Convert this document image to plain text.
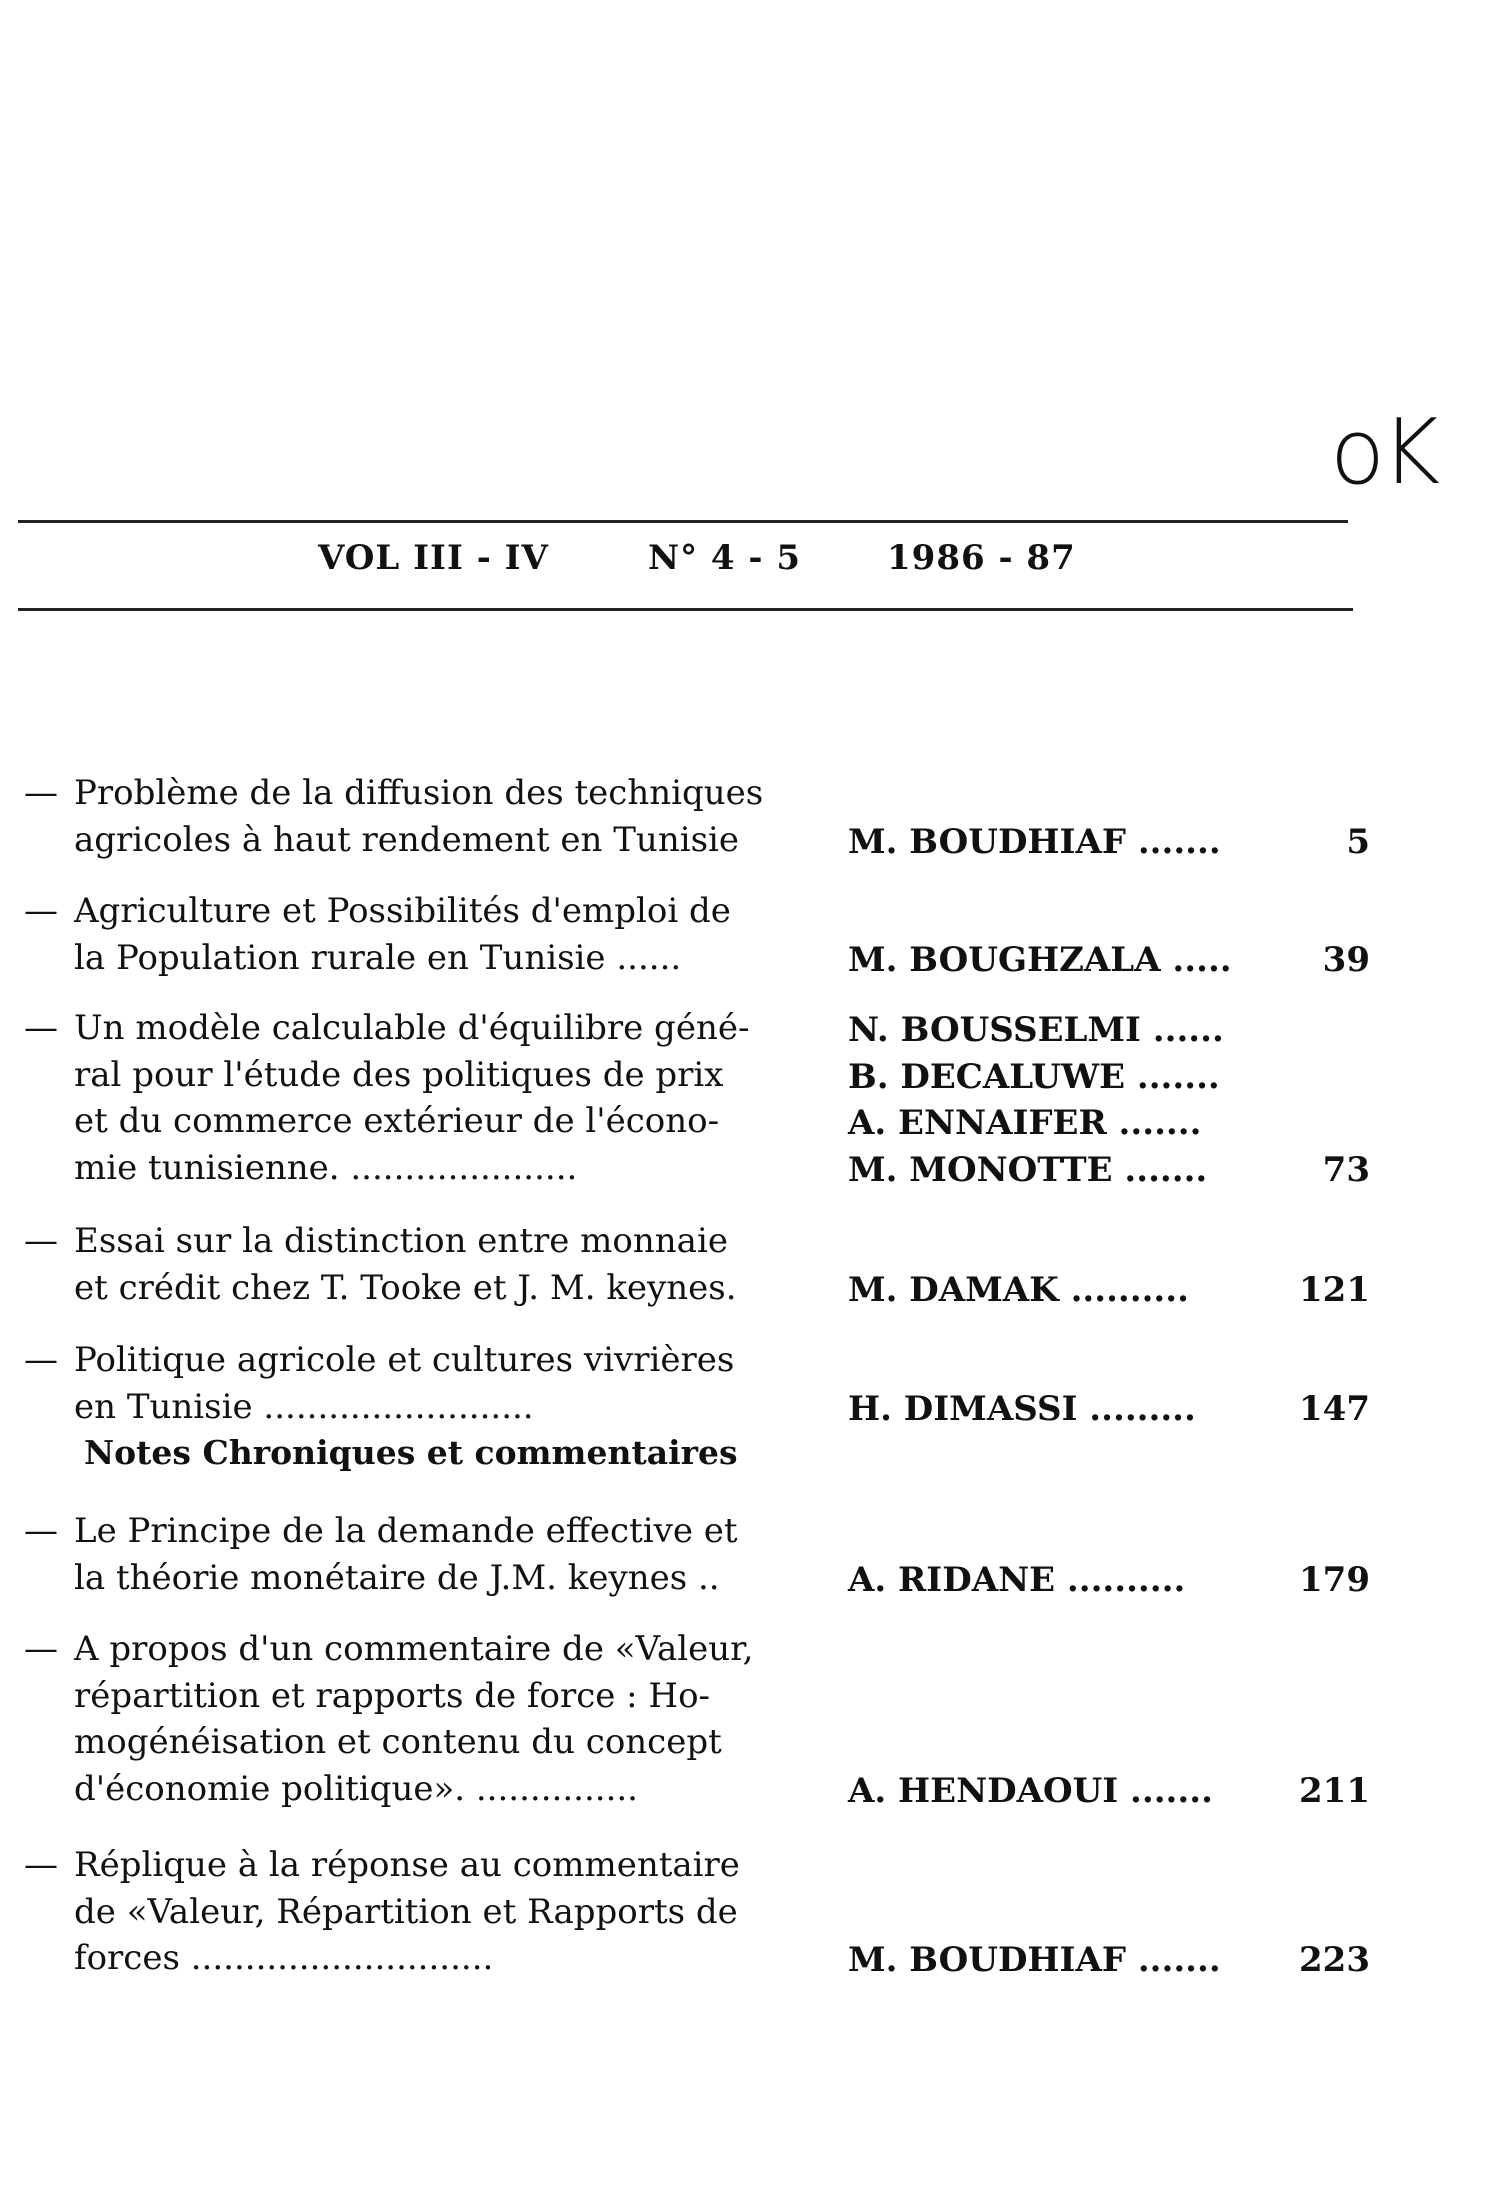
oK
VOL III - IV	N° 4 - 5	1986 - 87
— Problème de la diffusion des techniques
agricoles à haut rendement en Tunisie	M. BOUDHIAF .......	5
— Agriculture et Possibilités d'emploi de
la Population rurale en Tunisie ......	M. BOUGHZALA .....	39
— Un modèle calculable d'équilibre géné-
ral pour l'étude des politiques de prix
et du commerce extérieur de l'écono-
mie tunisienne. .....................
N. BOUSSELMI ......
B. DECALUWE .......
A. ENNAIFER .......
M. MONOTTE .......	73
— Essai sur la distinction entre monnaie
et crédit chez T. Tooke et J. M. keynes.	M. DAMAK ..........	121
— Politique agricole et cultures vivrières
en Tunisie .........................	H. DIMASSI .........	147
Notes Chroniques et commentaires
— Le Principe de la demande effective et
la théorie monétaire de J.M. keynes ..	A. RIDANE ..........	179
— A propos d'un commentaire de «Valeur,
répartition et rapports de force : Ho-
mogénéisation et contenu du concept
d'économie politique». ...............	A. HENDAOUI .......	211
— Réplique à la réponse au commentaire
de «Valeur, Répartition et Rapports de
forces ............................	M. BOUDHIAF ....... 223
